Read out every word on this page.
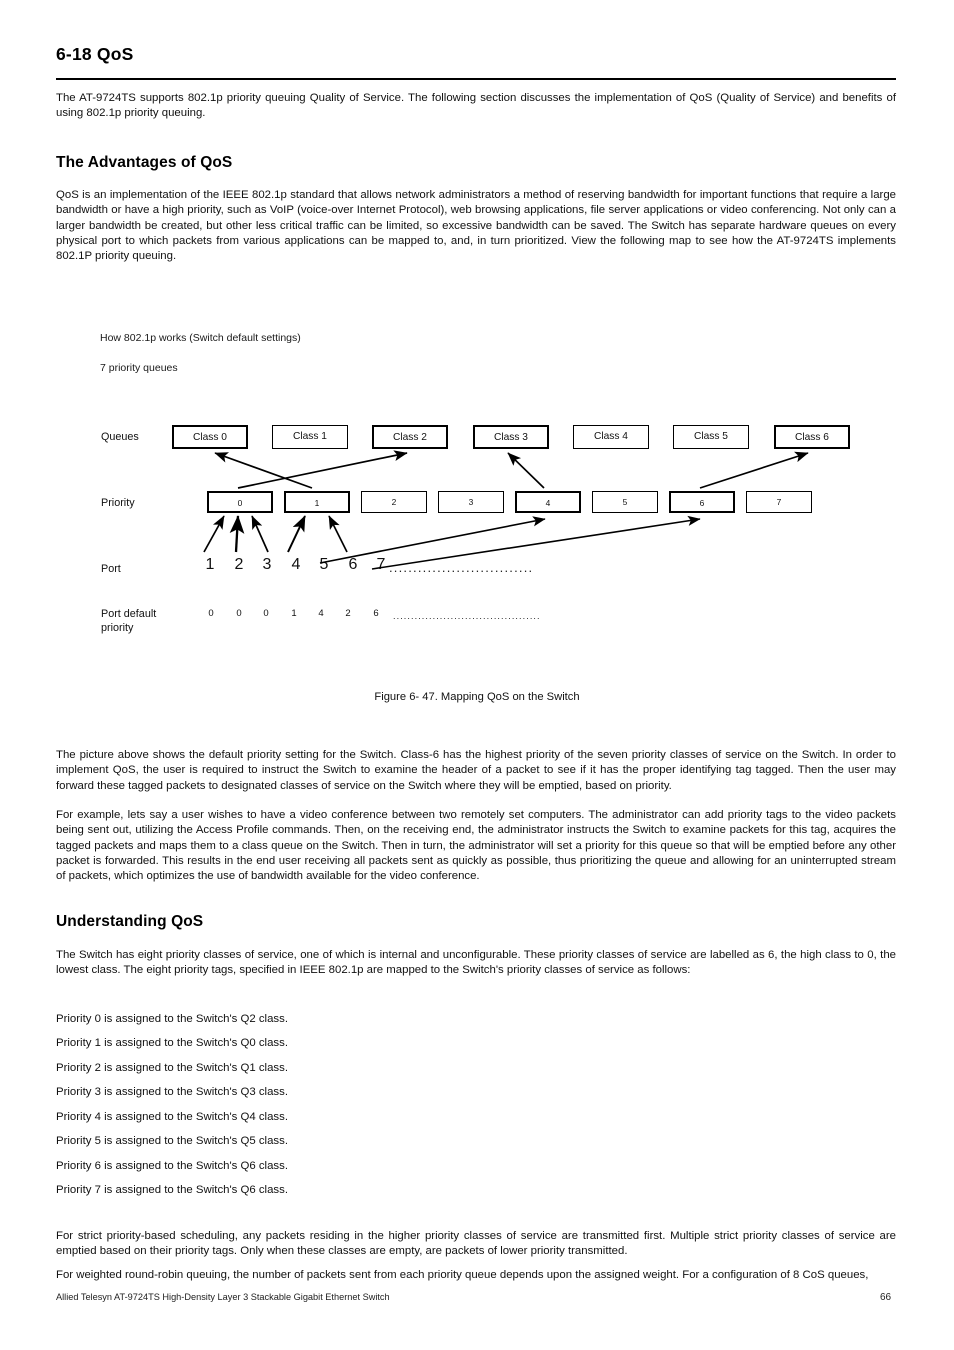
6-18 QoS
The AT-9724TS supports 802.1p priority queuing Quality of Service. The following section discusses the implementation of QoS (Quality of Service) and benefits of using 802.1p priority queuing.
The Advantages of QoS
QoS is an implementation of the IEEE 802.1p standard that allows network administrators a method of reserving bandwidth for important functions that require a large bandwidth or have a high priority, such as VoIP (voice-over Internet Protocol), web browsing applications, file server applications or video conferencing. Not only can a larger bandwidth be created, but other less critical traffic can be limited, so excessive bandwidth can be saved. The Switch has separate hardware queues on every physical port to which packets from various applications can be mapped to, and, in turn prioritized. View the following map to see how the AT-9724TS implements 802.1P priority queuing.
How 802.1p works (Switch default settings)
7 priority queues
Queues
Priority
Port
Port default
priority
Class 0	Class 1	Class 2	Class 3	Class 4	Class 5	Class 6
0	1	2	3	4	5	6	7
1	2	3	4	5	6	7 ..............................
0	0	0	1	4	2	6	.........................................
Figure 6- 47. Mapping QoS on the Switch
The picture above shows the default priority setting for the Switch. Class-6 has the highest priority of the seven priority classes of service on the Switch. In order to implement QoS, the user is required to instruct the Switch to examine the header of a packet to see if it has the proper identifying tag tagged. Then the user may forward these tagged packets to designated classes of service on the Switch where they will be emptied, based on priority.
For example, lets say a user wishes to have a video conference between two remotely set computers. The administrator can add priority tags to the video packets being sent out, utilizing the Access Profile commands. Then, on the receiving end, the administrator instructs the Switch to examine packets for this tag, acquires the tagged packets and maps them to a class queue on the Switch. Then in turn, the administrator will set a priority for this queue so that will be emptied before any other packet is forwarded. This results in the end user receiving all packets sent as quickly as possible, thus prioritizing the queue and allowing for an uninterrupted stream of packets, which optimizes the use of bandwidth available for the video conference.
Understanding QoS
The Switch has eight priority classes of service, one of which is internal and unconfigurable. These priority classes of service are labelled as 6, the high class to 0, the lowest class. The eight priority tags, specified in IEEE 802.1p are mapped to the Switch's priority classes of service as follows:
Priority 0 is assigned to the Switch's Q2 class.
Priority 1 is assigned to the Switch's Q0 class.
Priority 2 is assigned to the Switch's Q1 class.
Priority 3 is assigned to the Switch's Q3 class.
Priority 4 is assigned to the Switch's Q4 class.
Priority 5 is assigned to the Switch's Q5 class.
Priority 6 is assigned to the Switch's Q6 class.
Priority 7 is assigned to the Switch's Q6 class.
For strict priority-based scheduling, any packets residing in the higher priority classes of service are transmitted first. Multiple strict priority classes of service are emptied based on their priority tags. Only when these classes are empty, are packets of lower priority transmitted.
For weighted round-robin queuing, the number of packets sent from each priority queue depends upon the assigned weight. For a configuration of 8 CoS queues,
Allied Telesyn AT-9724TS High-Density Layer 3 Stackable Gigabit Ethernet Switch	66
